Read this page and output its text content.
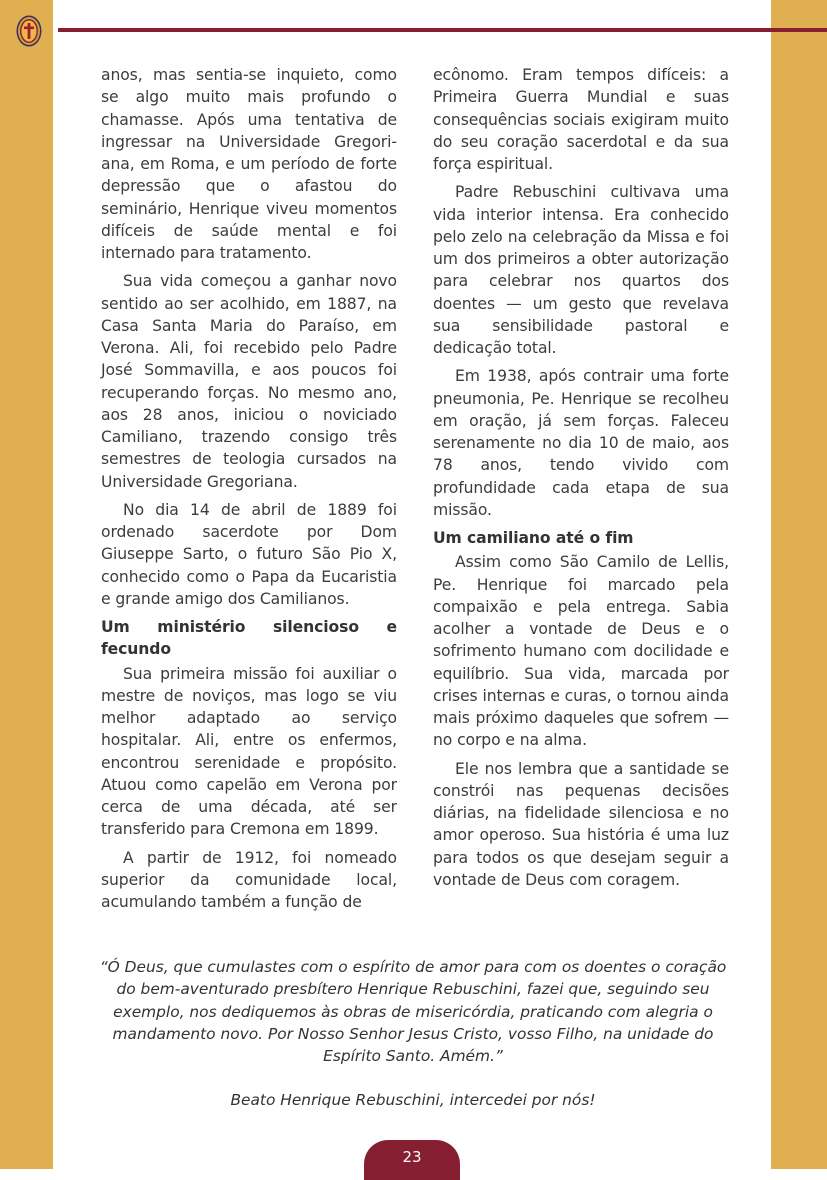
anos, mas sentia-se inquieto, como se algo muito mais profundo o chamasse. Após uma tentativa de ingressar na Universidade Gregoriana, em Roma, e um período de forte depressão que o afastou do seminário, Henrique viveu momentos difíceis de saúde mental e foi internado para tratamento.

Sua vida começou a ganhar novo sentido ao ser acolhido, em 1887, na Casa Santa Maria do Paraíso, em Verona. Ali, foi recebido pelo Padre José Sommavilla, e aos poucos foi recuperando forças. No mesmo ano, aos 28 anos, iniciou o noviciado Camiliano, trazendo consigo três semestres de teologia cursados na Universidade Gregoriana.

No dia 14 de abril de 1889 foi ordenado sacerdote por Dom Giuseppe Sarto, o futuro São Pio X, conhecido como o Papa da Eucaristia e grande amigo dos Camilianos.

Um ministério silencioso e fecundo

Sua primeira missão foi auxiliar o mestre de noviços, mas logo se viu melhor adaptado ao serviço hospitalar. Ali, entre os enfermos, encontrou serenidade e propósito. Atuou como capelão em Verona por cerca de uma década, até ser transferido para Cremona em 1899.

A partir de 1912, foi nomeado superior da comunidade local, acumulando também a função de

ecônomo. Eram tempos difíceis: a Primeira Guerra Mundial e suas consequências sociais exigiram muito do seu coração sacerdotal e da sua força espiritual.

Padre Rebuschini cultivava uma vida interior intensa. Era conhecido pelo zelo na celebração da Missa e foi um dos primeiros a obter autorização para celebrar nos quartos dos doentes — um gesto que revelava sua sensibilidade pastoral e dedicação total.

Em 1938, após contrair uma forte pneumonia, Pe. Henrique se recolheu em oração, já sem forças. Faleceu serenamente no dia 10 de maio, aos 78 anos, tendo vivido com profundidade cada etapa de sua missão.

Um camiliano até o fim

Assim como São Camilo de Lellis, Pe. Henrique foi marcado pela compaixão e pela entrega. Sabia acolher a vontade de Deus e o sofrimento humano com docilidade e equilíbrio. Sua vida, marcada por crises internas e curas, o tornou ainda mais próximo daqueles que sofrem — no corpo e na alma.

Ele nos lembra que a santidade se constrói nas pequenas decisões diárias, na fidelidade silenciosa e no amor operoso. Sua história é uma luz para todos os que desejam seguir a vontade de Deus com coragem.

“Ó Deus, que cumulastes com o espírito de amor para com os doentes o coração do bem-aventurado presbítero Henrique Rebuschini, fazei que, seguindo seu exemplo, nos dediquemos às obras de misericórdia, praticando com alegria o mandamento novo. Por Nosso Senhor Jesus Cristo, vosso Filho, na unidade do Espírito Santo. Amém.”
Beato Henrique Rebuschini, intercedei por nós!
23
